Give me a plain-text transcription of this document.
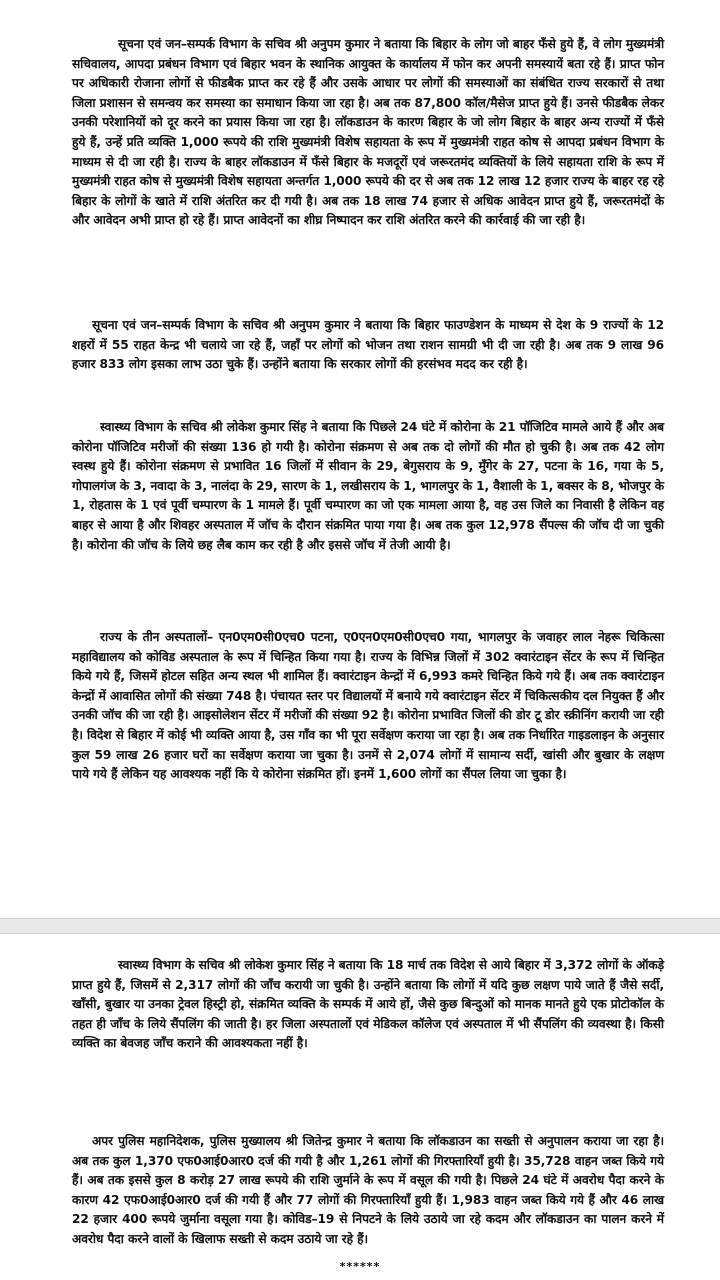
सूचना एवं जन–सम्पर्क विभाग के सचिव श्री अनुपम कुमार ने बताया कि बिहार के लोग जो बाहर फँसे हुये हैं, वे लोग मुख्यमंत्री सचिवालय, आपदा प्रबंधन विभाग एवं बिहार भवन के स्थानिक आयुक्त के कार्यालय में फोन कर अपनी समस्यायें बता रहे हैं। प्राप्त फोन पर अधिकारी रोजाना लोगों से फीडबैक प्राप्त कर रहे हैं और उसके आधार पर लोगों की समस्याओं का संबंधित राज्य सरकारों से तथा जिला प्रशासन से समन्वय कर समस्या का समाधान किया जा रहा है। अब तक 87,800 कॉल/मैसेज प्राप्त हुये हैं। उनसे फीडबैक लेकर उनकी परेशानियों को दूर करने का प्रयास किया जा रहा है। लॉकडाउन के कारण बिहार के जो लोग बिहार के बाहर अन्य राज्यों में फँसे हुये हैं, उन्हें प्रति व्यक्ति 1,000 रूपये की राशि मुख्यमंत्री विशेष सहायता के रूप में मुख्यमंत्री राहत कोष से आपदा प्रबंधन विभाग के माध्यम से दी जा रही है। राज्य के बाहर लॉकडाउन में फँसे बिहार के मजदूरों एवं जरूरतमंद व्यक्तियों के लिये सहायता राशि के रूप में मुख्यमंत्री राहत कोष से मुख्यमंत्री विशेष सहायता अन्तर्गत 1,000 रूपये की दर से अब तक 12 लाख 12 हजार राज्य के बाहर रह रहे बिहार के लोगों के खाते में राशि अंतरित कर दी गयी है। अब तक 18 लाख 74 हजार से अधिक आवेदन प्राप्त हुये हैं, जरूरतमंदों के और आवेदन अभी प्राप्त हो रहे हैं। प्राप्त आवेदनों का शीघ्र निष्पादन कर राशि अंतरित करने की कार्रवाई की जा रही है।

सूचना एवं जन–सम्पर्क विभाग के सचिव श्री अनुपम कुमार ने बताया कि बिहार फाउण्डेशन के माध्यम से देश के 9 राज्यों के 12 शहरों में 55 राहत केन्द्र भी चलाये जा रहे हैं, जहाँ पर लोगों को भोजन तथा राशन सामग्री भी दी जा रही है। अब तक 9 लाख 96 हजार 833 लोग इसका लाभ उठा चुके हैं। उन्होंने बताया कि सरकार लोगों की हरसंभव मदद कर रही है।

स्वास्थ्य विभाग के सचिव श्री लोकेश कुमार सिंह ने बताया कि पिछले 24 घंटे में कोरोना के 21 पॉजिटिव मामले आये हैं और अब कोरोना पॉजिटिव मरीजों की संख्या 136 हो गयी है। कोरोना संक्रमण से अब तक दो लोगों की मौत हो चुकी है। अब तक 42 लोग स्वस्थ हुये हैं। कोरोना संक्रमण से प्रभावित 16 जिलों में सीवान के 29, बेगुसराय के 9, मुँगेर के 27, पटना के 16, गया के 5, गोपालगंज के 3, नवादा के 3, नालंदा के 29, सारण के 1, लखीसराय के 1, भागलपुर के 1, वैशाली के 1, बक्सर के 8, भोजपुर के 1, रोहतास के 1 एवं पूर्वी चम्पारण के 1 मामले हैं। पूर्वी चम्पारण का जो एक मामला आया है, वह उस जिले का निवासी है लेकिन वह बाहर से आया है और शिवहर अस्पताल में जॉच के दौरान संक्रमित पाया गया है। अब तक कुल 12,978 सैंपल्स की जॉच दी जा चुकी है। कोरोना की जॉच के लिये छह लैब काम कर रही है और इससे जॉच में तेजी आयी है।

राज्य के तीन अस्पतालों– एन0एम0सी0एच0 पटना, ए0एन0एम0सी0एच0 गया, भागलपुर के जवाहर लाल नेहरू चिकित्सा महाविद्यालय को कोविड अस्पताल के रूप में चिन्हित किया गया है। राज्य के विभिन्न जिलों में 302 क्वारंटाइन सेंटर के रूप में चिन्हित किये गये हैं, जिसमें होटल सहित अन्य स्थल भी शामिल हैं। क्वारंटाइन केन्द्रों में 6,993 कमरे चिन्हित किये गये हैं। अब तक क्वारंटाइन केन्द्रों में आवासित लोगों की संख्या 748 है। पंचायत स्तर पर विद्यालयों में बनाये गये क्वारंटाइन सेंटर में चिकित्सकीय दल नियुक्त हैं और उनकी जॉच की जा रही है। आइसोलेशन सेंटर में मरीजों की संख्या 92 है। कोरोना प्रभावित जिलों की डोर टू डोर स्क्रीनिंग करायी जा रही है। विदेश से बिहार में कोई भी व्यक्ति आया है, उस गाँव का भी पूरा सर्वेक्षण कराया जा रहा है। अब तक निर्धारित गाइडलाइन के अनुसार कुल 59 लाख 26 हजार घरों का सर्वेक्षण कराया जा चुका है। उनमें से 2,074 लोगों में सामान्य सर्दी, खांसी और बुखार के लक्षण पाये गये हैं लेकिन यह आवश्यक नहीं कि ये कोरोना संक्रमित हों। इनमें 1,600 लोगों का सैंपल लिया जा चुका है।

स्वास्थ्य विभाग के सचिव श्री लोकेश कुमार सिंह ने बताया कि 18 मार्च तक विदेश से आये बिहार में 3,372 लोगों के ऑकड़े प्राप्त हुये हैं, जिसमें से 2,317 लोगों की जाँच करायी जा चुकी है। उन्होंने बताया कि लोगों में यदि कुछ लक्षण पाये जाते हैं जैसे सर्दी, खाँसी, बुखार या उनका ट्रेवल हिस्ट्री हो, संक्रमित व्यक्ति के सम्पर्क में आये हों, जैसे कुछ बिन्दुओं को मानक मानते हुये एक प्रोटोकॉल के तहत ही जाँच के लिये सैंपलिंग की जाती है। हर जिला अस्पतालों एवं मेडिकल कॉलेज एवं अस्पताल में भी सैंपलिंग की व्यवस्था है। किसी व्यक्ति का बेवजह जाँच कराने की आवश्यकता नहीं है।

अपर पुलिस महानिदेशक, पुलिस मुख्यालय श्री जितेन्द्र कुमार ने बताया कि लॉकडाउन का सख्ती से अनुपालन कराया जा रहा है। अब तक कुल 1,370 एफ0आई0आर0 दर्ज की गयी है और 1,261 लोगों की गिरफ्तारियाँ हुयी है। 35,728 वाहन जब्त किये गये हैं। अब तक इससे कुल 8 करोड़ 27 लाख रूपये की राशि जुर्माने के रूप में वसूल की गयी है। पिछले 24 घंटे में अवरोध पैदा करने के कारण 42 एफ0आई0आर0 दर्ज की गयी हैं और 77 लोगों की गिरफ्तारियाँ हुयी हैं। 1,983 वाहन जब्त किये गये हैं और 46 लाख 22 हजार 400 रूपये जुर्माना वसूला गया है। कोविड–19 से निपटने के लिये उठाये जा रहे कदम और लॉकडाउन का पालन करने में अवरोध पैदा करने वालों के खिलाफ सख्ती से कदम उठाये जा रहे हैं।

******
